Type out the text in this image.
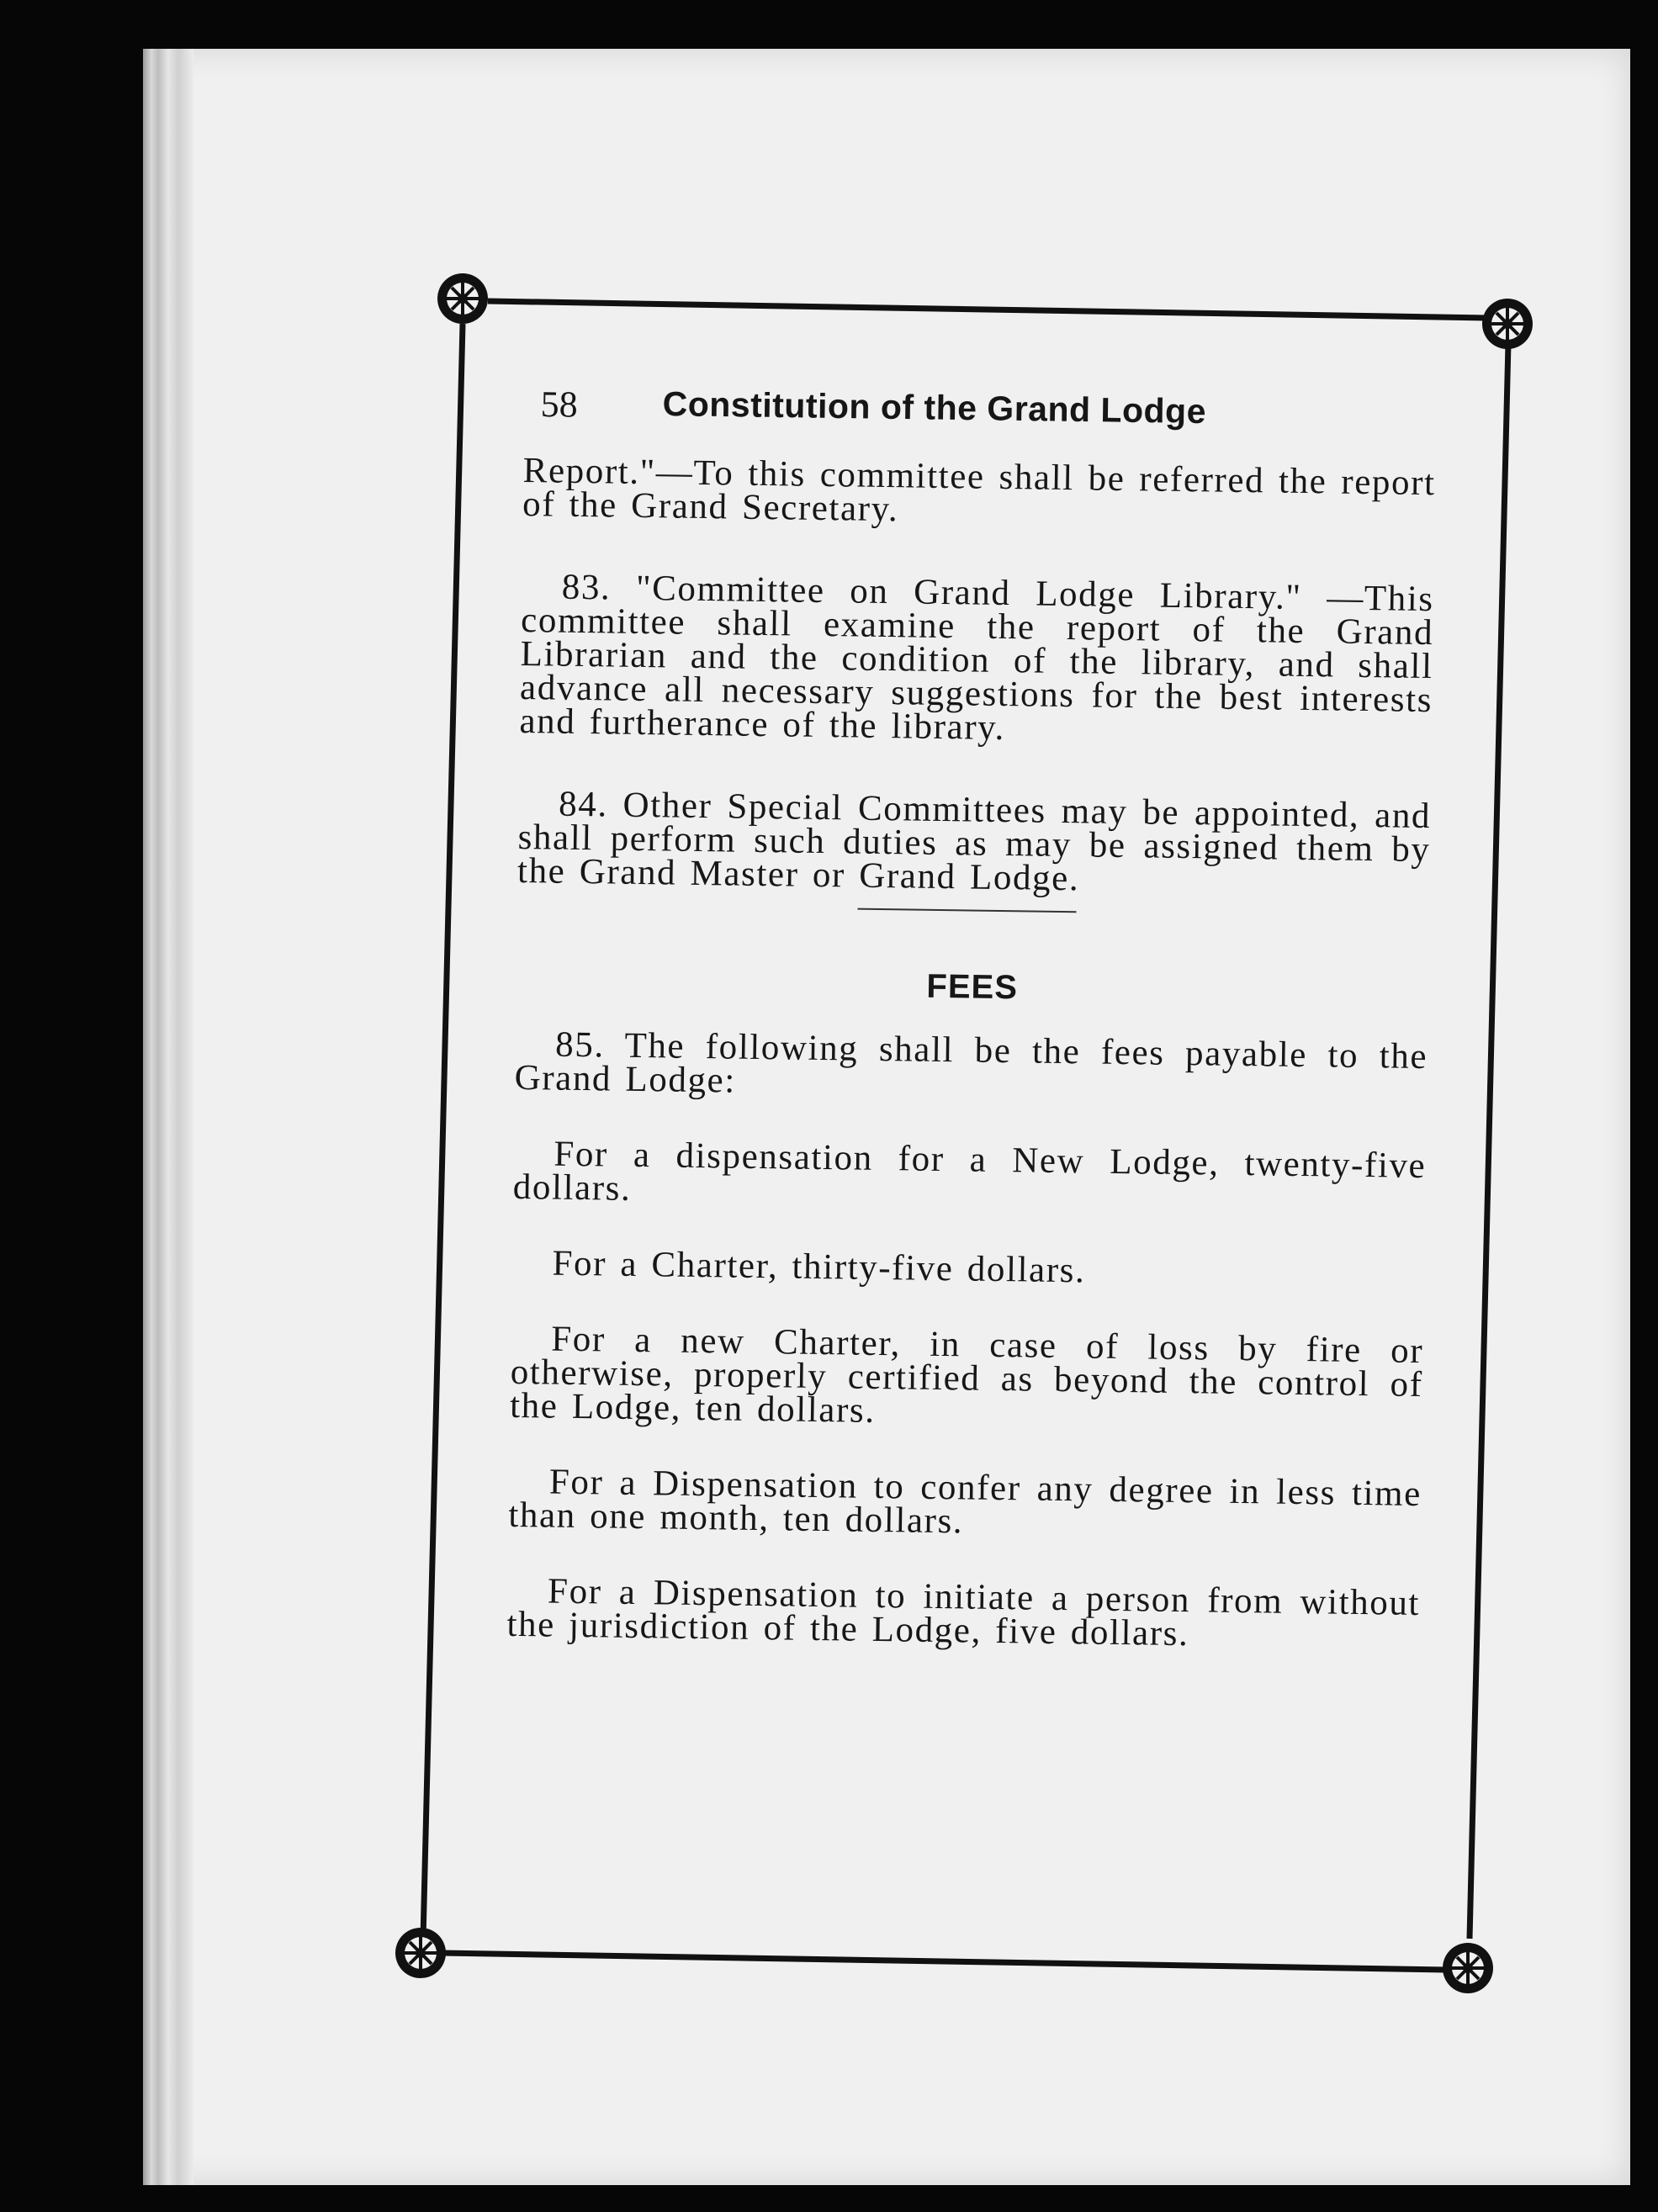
58 Constitution of the Grand Lodge

Report."—To this committee shall be referred the report of the Grand Secretary.

83. "Committee on Grand Lodge Library." —This committee shall examine the report of the Grand Librarian and the condition of the library, and shall advance all necessary suggestions for the best interests and furtherance of the library.

84. Other Special Committees may be appointed, and shall perform such duties as may be assigned them by the Grand Master or Grand Lodge.

FEES

85. The following shall be the fees payable to the Grand Lodge:

For a dispensation for a New Lodge, twenty-five dollars.

For a Charter, thirty-five dollars.

For a new Charter, in case of loss by fire or otherwise, properly certified as beyond the control of the Lodge, ten dollars.

For a Dispensation to confer any degree in less time than one month, ten dollars.

For a Dispensation to initiate a person from without the jurisdiction of the Lodge, five dollars.
